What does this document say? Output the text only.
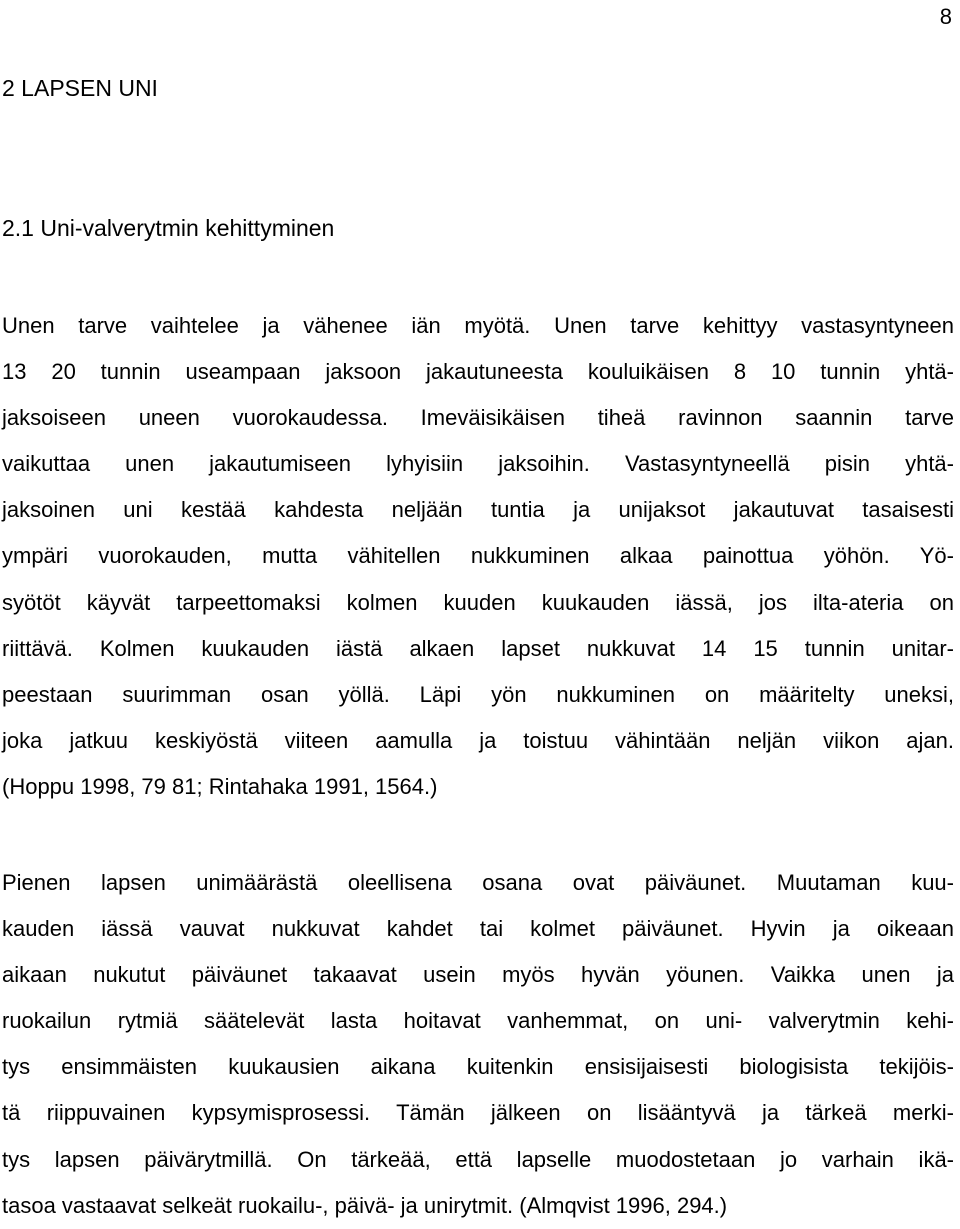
8
2 LAPSEN UNI
2.1 Uni-valverytmin kehittyminen

Unen tarve vaihtelee ja vähenee iän myötä. Unen tarve kehittyy vastasyntyneen
13 20 tunnin useampaan jaksoon jakautuneesta kouluikäisen 8 10 tunnin yhtä-
jaksoiseen uneen vuorokaudessa. Imeväisikäisen tiheä ravinnon saannin tarve
vaikuttaa unen jakautumiseen lyhyisiin jaksoihin. Vastasyntyneellä pisin yhtä-
jaksoinen uni kestää kahdesta neljään tuntia ja unijaksot jakautuvat tasaisesti
ympäri vuorokauden, mutta vähitellen nukkuminen alkaa painottua yöhön. Yö-
syötöt käyvät tarpeettomaksi kolmen kuuden kuukauden iässä, jos ilta-ateria on
riittävä. Kolmen kuukauden iästä alkaen lapset nukkuvat 14 15 tunnin unitar-
peestaan suurimman osan yöllä. Läpi yön nukkuminen on määritelty uneksi,
joka jatkuu keskiyöstä viiteen aamulla ja toistuu vähintään neljän viikon ajan.
(Hoppu 1998, 79 81; Rintahaka 1991, 1564.)

Pienen lapsen unimäärästä oleellisena osana ovat päiväunet. Muutaman kuu-
kauden iässä vauvat nukkuvat kahdet tai kolmet päiväunet. Hyvin ja oikeaan
aikaan nukutut päiväunet takaavat usein myös hyvän yöunen. Vaikka unen ja
ruokailun rytmiä säätelevät lasta hoitavat vanhemmat, on uni- valverytmin kehi-
tys ensimmäisten kuukausien aikana kuitenkin ensisijaisesti biologisista tekijöis-
tä riippuvainen kypsymisprosessi. Tämän jälkeen on lisääntyvä ja tärkeä merki-
tys lapsen päivärytmillä. On tärkeää, että lapselle muodostetaan jo varhain ikä-
tasoa vastaavat selkeät ruokailu-, päivä- ja unirytmit. (Almqvist 1996, 294.)
